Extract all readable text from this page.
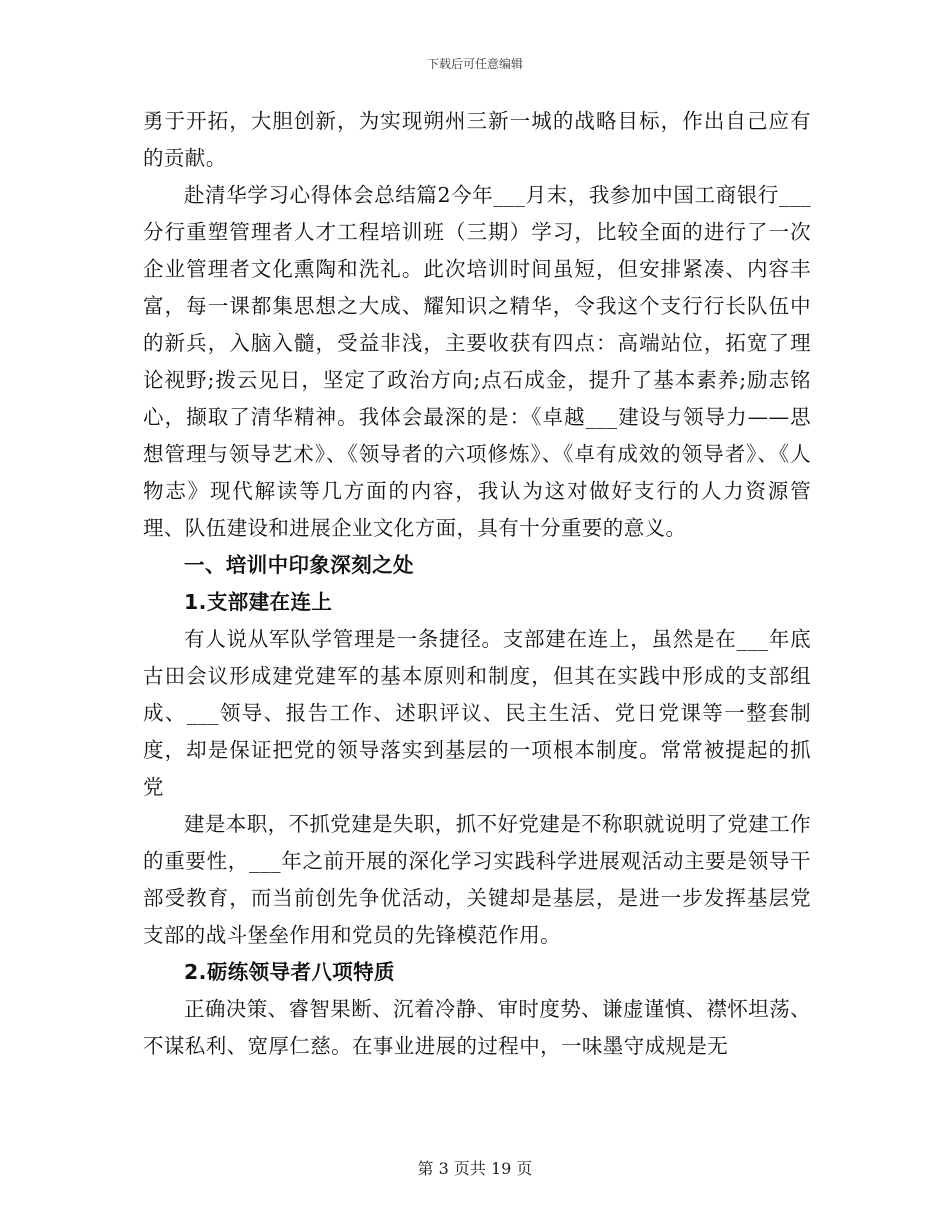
下载后可任意编辑

勇于开拓，大胆创新，为实现朔州三新一城的战略目标，作出自己应有的贡献。

赴清华学习心得体会总结篇2今年___月末，我参加中国工商银行___分行重塑管理者人才工程培训班（三期）学习，比较全面的进行了一次企业管理者文化熏陶和洗礼。此次培训时间虽短，但安排紧凑、内容丰富，每一课都集思想之大成、耀知识之精华，令我这个支行行长队伍中的新兵，入脑入髓，受益非浅，主要收获有四点：高端站位，拓宽了理论视野;拨云见日，坚定了政治方向;点石成金，提升了基本素养;励志铭心，撷取了清华精神。我体会最深的是：《卓越___建设与领导力——思想管理与领导艺术》、《领导者的六项修炼》、《卓有成效的领导者》、《人物志》现代解读等几方面的内容，我认为这对做好支行的人力资源管理、队伍建设和进展企业文化方面，具有十分重要的意义。

一、培训中印象深刻之处
1.支部建在连上

有人说从军队学管理是一条捷径。支部建在连上，虽然是在___年底古田会议形成建党建军的基本原则和制度，但其在实践中形成的支部组成、___领导、报告工作、述职评议、民主生活、党日党课等一整套制度，却是保证把党的领导落实到基层的一项根本制度。常常被提起的抓党

建是本职，不抓党建是失职，抓不好党建是不称职就说明了党建工作的重要性，___年之前开展的深化学习实践科学进展观活动主要是领导干部受教育，而当前创先争优活动，关键却是基层，是进一步发挥基层党支部的战斗堡垒作用和党员的先锋模范作用。

2.砺练领导者八项特质

正确决策、睿智果断、沉着冷静、审时度势、谦虚谨慎、襟怀坦荡、不谋私利、宽厚仁慈。在事业进展的过程中，一味墨守成规是无

第 3 页共 19 页
